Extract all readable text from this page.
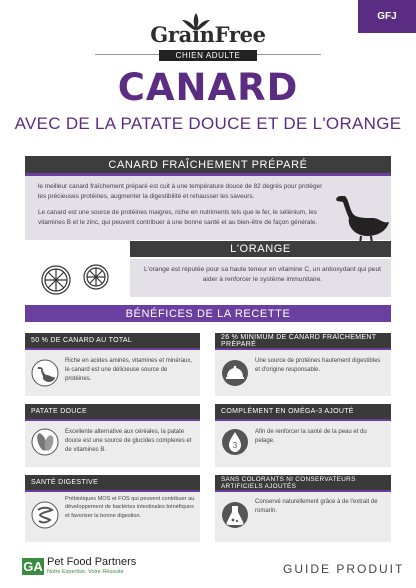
GFJ
GrainFree
CHIEN ADULTE
CANARD
AVEC DE LA PATATE DOUCE ET DE L'ORANGE
CANARD FRAÎCHEMENT PRÉPARÉ
le meilleur canard fraîchement préparé est cuit à une température douce de 82 degrés pour protéger les précieuses protéines, augmenter la digestibilité et rehausser les saveurs.
Le canard est une source de protéines maigres, riche en nutriments tels que le fer, le sélénium, les vitamines B et le zinc, qui peuvent contribuer à une bonne santé et au bien-être de façon générale.
L'ORANGE
L'orange est réputée pour sa haute teneur en vitamine C, un antioxydant qui peut aider à renforcer le système immunitaire.
BÉNÉFICES DE LA RECETTE
50 % DE CANARD AU TOTAL
Riche en acides aminés, vitamines et minéraux, le canard est une délicieuse source de protéines.
26 % MINIMUM DE CANARD FRAÎCHEMENT PRÉPARÉ
Une source de protéines hautement digestibles et d'origine responsable.
PATATE DOUCE
Excellente alternative aux céréales, la patate douce est une source de glucides complexes et de vitamines B.
COMPLÉMENT EN OMÉGA-3 AJOUTÉ
3
Afin de renforcer la santé de la peau et du pelage.
SANTÉ DIGESTIVE
Prébiotiques MOS et FOS qui peuvent contribuer au développement de bactéries intestinales bénéfiques et favoriser la bonne digestion.
SANS COLORANTS NI CONSERVATEURS ARTIFICIELS AJOUTÉS
Conservé naturellement grâce à de l'extrait de romarin.
GA Pet Food Partners
Notre Expertise. Votre Réussite	GUIDE PRODUIT
